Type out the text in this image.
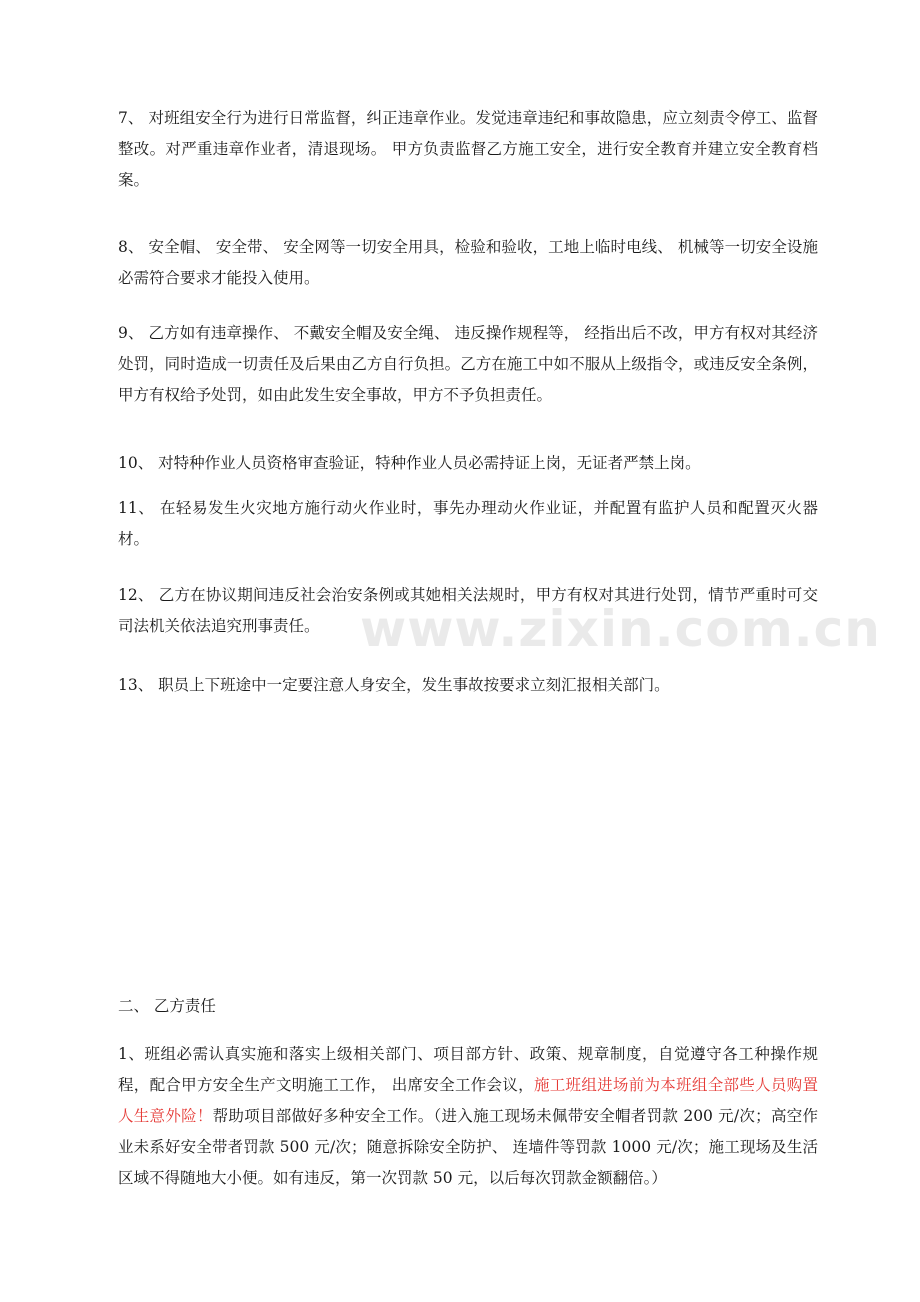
7、 对班组安全行为进行日常监督，纠正违章作业。发觉违章违纪和事故隐患，应立刻责令停工、监督整改。对严重违章作业者，清退现场。 甲方负责监督乙方施工安全，进行安全教育并建立安全教育档案。
8、 安全帽、 安全带、 安全网等一切安全用具，检验和验收，工地上临时电线、 机械等一切安全设施必需符合要求才能投入使用。
9、 乙方如有违章操作、 不戴安全帽及安全绳、 违反操作规程等， 经指出后不改，甲方有权对其经济处罚，同时造成一切责任及后果由乙方自行负担。乙方在施工中如不服从上级指令，或违反安全条例，甲方有权给予处罚，如由此发生安全事故，甲方不予负担责任。
10、 对特种作业人员资格审查验证，特种作业人员必需持证上岗，无证者严禁上岗。
11、 在轻易发生火灾地方施行动火作业时，事先办理动火作业证，并配置有监护人员和配置灭火器材。
12、 乙方在协议期间违反社会治安条例或其她相关法规时，甲方有权对其进行处罚，情节严重时可交司法机关依法追究刑事责任。
13、 职员上下班途中一定要注意人身安全，发生事故按要求立刻汇报相关部门。
二、 乙方责任
1、班组必需认真实施和落实上级相关部门、项目部方针、政策、规章制度，自觉遵守各工种操作规程，配合甲方安全生产文明施工工作， 出席安全工作会议，施工班组进场前为本班组全部些人员购置人生意外险！帮助项目部做好多种安全工作。（进入施工现场未佩带安全帽者罚款 200 元/次；高空作业未系好安全带者罚款 500 元/次；随意拆除安全防护、 连墙件等罚款 1000 元/次；施工现场及生活区域不得随地大小便。如有违反，第一次罚款 50 元，以后每次罚款金额翻倍。）
www.zixin.com.cn
